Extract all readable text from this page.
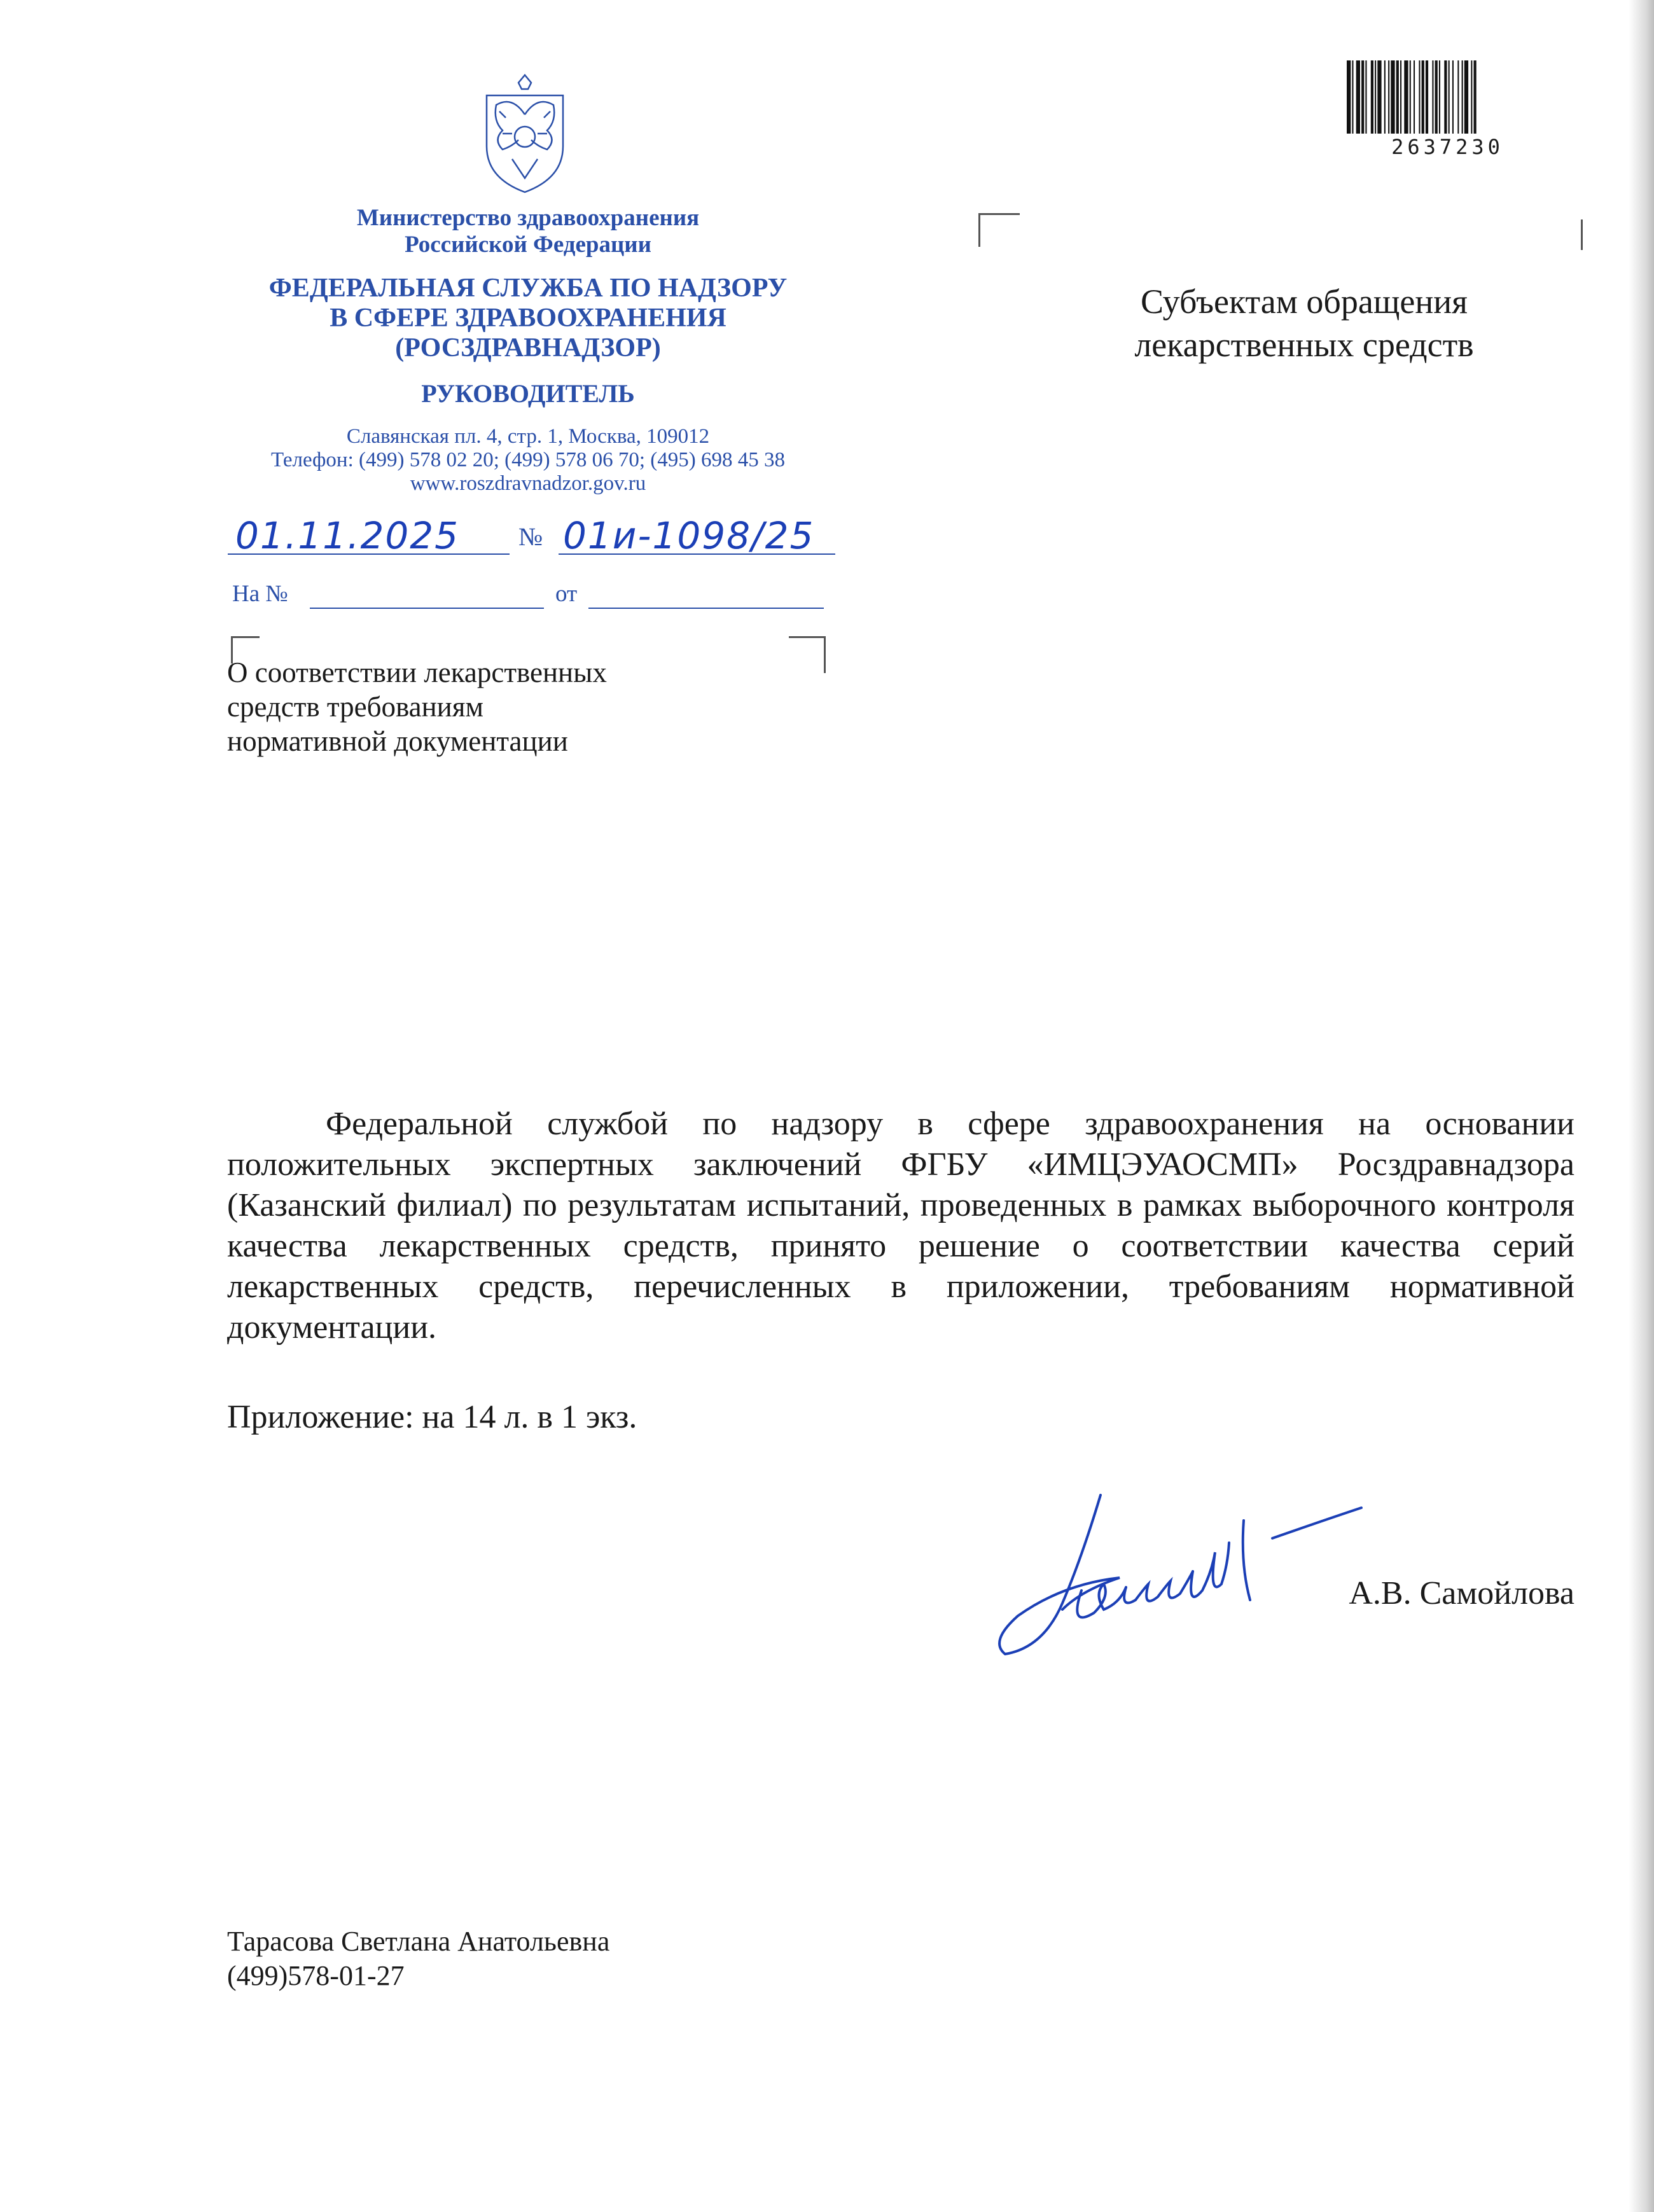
Министерство здравоохранения
Российской Федерации
ФЕДЕРАЛЬНАЯ СЛУЖБА ПО НАДЗОРУ
В СФЕРЕ ЗДРАВООХРАНЕНИЯ
(РОСЗДРАВНАДЗОР)
РУКОВОДИТЕЛЬ
Славянская пл. 4, стр. 1, Москва, 109012
Телефон: (499) 578 02 20; (499) 578 06 70; (495) 698 45 38
www.roszdravnadzor.gov.ru
01.11.2025 № 01и-1098/25
На №	от
Субъектам обращения
лекарственных средств
О соответствии лекарственных
средств требованиям
нормативной документации

Федеральной службой по надзору в сфере здравоохранения на основании положительных экспертных заключений ФГБУ «ИМЦЭУАОСМП» Росздравнадзора (Казанский филиал) по результатам испытаний, проведенных в рамках выборочного контроля качества лекарственных средств, принято решение о соответствии качества серий лекарственных средств, перечисленных в приложении, требованиям нормативной документации.

Приложение: на 14 л. в 1 экз.
А.В. Самойлова
Тарасова Светлана Анатольевна
(499)578-01-27
2637230
